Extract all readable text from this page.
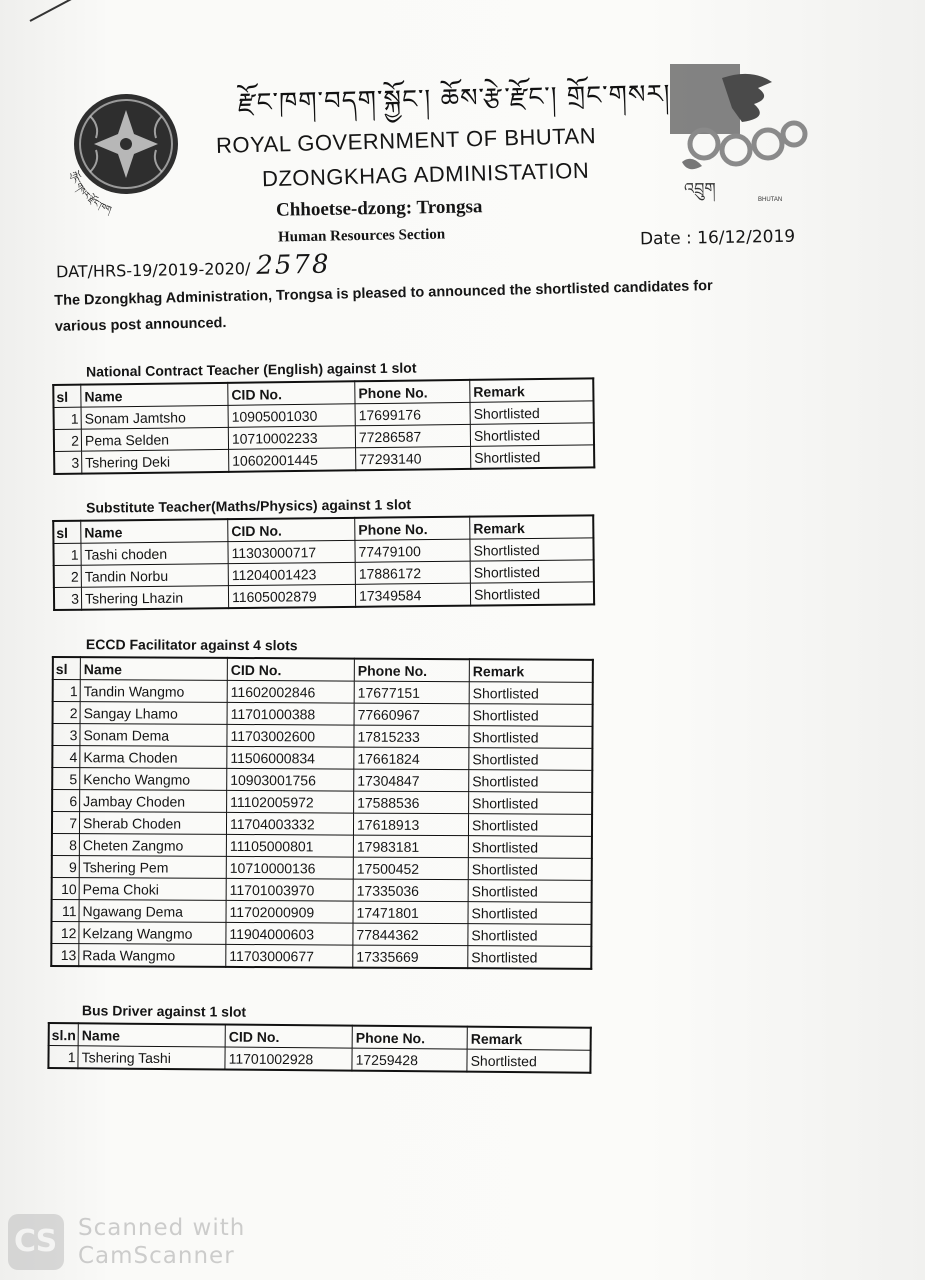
ཀྲོང་གསར་རྫོང་ཁག
འབྲུག
BHUTAN
རྫོང་ཁག་བདག་སྐྱོང་། ཆོས་རྩེ་རྫོང་། གྲོང་གསར།
ROYAL GOVERNMENT OF BHUTAN
DZONGKHAG ADMINISTATION
Chhoetse-dzong: Trongsa
Human Resources Section	Date : 16/12/2019
DAT/HRS-19/2019-2020/ 2578
The Dzongkhag Administration, Trongsa is pleased to announced the shortlisted candidates for various post announced.
National Contract Teacher (English) against 1 slot
sl	Name	CID No.	Phone No.	Remark
1	Sonam Jamtsho	10905001030	17699176	Shortlisted
2	Pema Selden	10710002233	77286587	Shortlisted
3	Tshering Deki	10602001445	77293140	Shortlisted
Substitute Teacher(Maths/Physics) against 1 slot
sl	Name	CID No.	Phone No.	Remark
1	Tashi choden	11303000717	77479100	Shortlisted
2	Tandin Norbu	11204001423	17886172	Shortlisted
3	Tshering Lhazin	11605002879	17349584	Shortlisted
ECCD Facilitator against 4 slots
sl	Name	CID No.	Phone No.	Remark
1	Tandin Wangmo	11602002846	17677151	Shortlisted
2	Sangay Lhamo	11701000388	77660967	Shortlisted
3	Sonam Dema	11703002600	17815233	Shortlisted
4	Karma Choden	11506000834	17661824	Shortlisted
5	Kencho Wangmo	10903001756	17304847	Shortlisted
6	Jambay Choden	11102005972	17588536	Shortlisted
7	Sherab Choden	11704003332	17618913	Shortlisted
8	Cheten Zangmo	11105000801	17983181	Shortlisted
9	Tshering Pem	10710000136	17500452	Shortlisted
10	Pema Choki	11701003970	17335036	Shortlisted
11	Ngawang Dema	11702000909	17471801	Shortlisted
12	Kelzang Wangmo	11904000603	77844362	Shortlisted
13	Rada Wangmo	11703000677	17335669	Shortlisted
Bus Driver against 1 slot
sl.n	Name	CID No.	Phone No.	Remark
1	Tshering Tashi	11701002928	17259428	Shortlisted
CS Scanned with
CamScanner
